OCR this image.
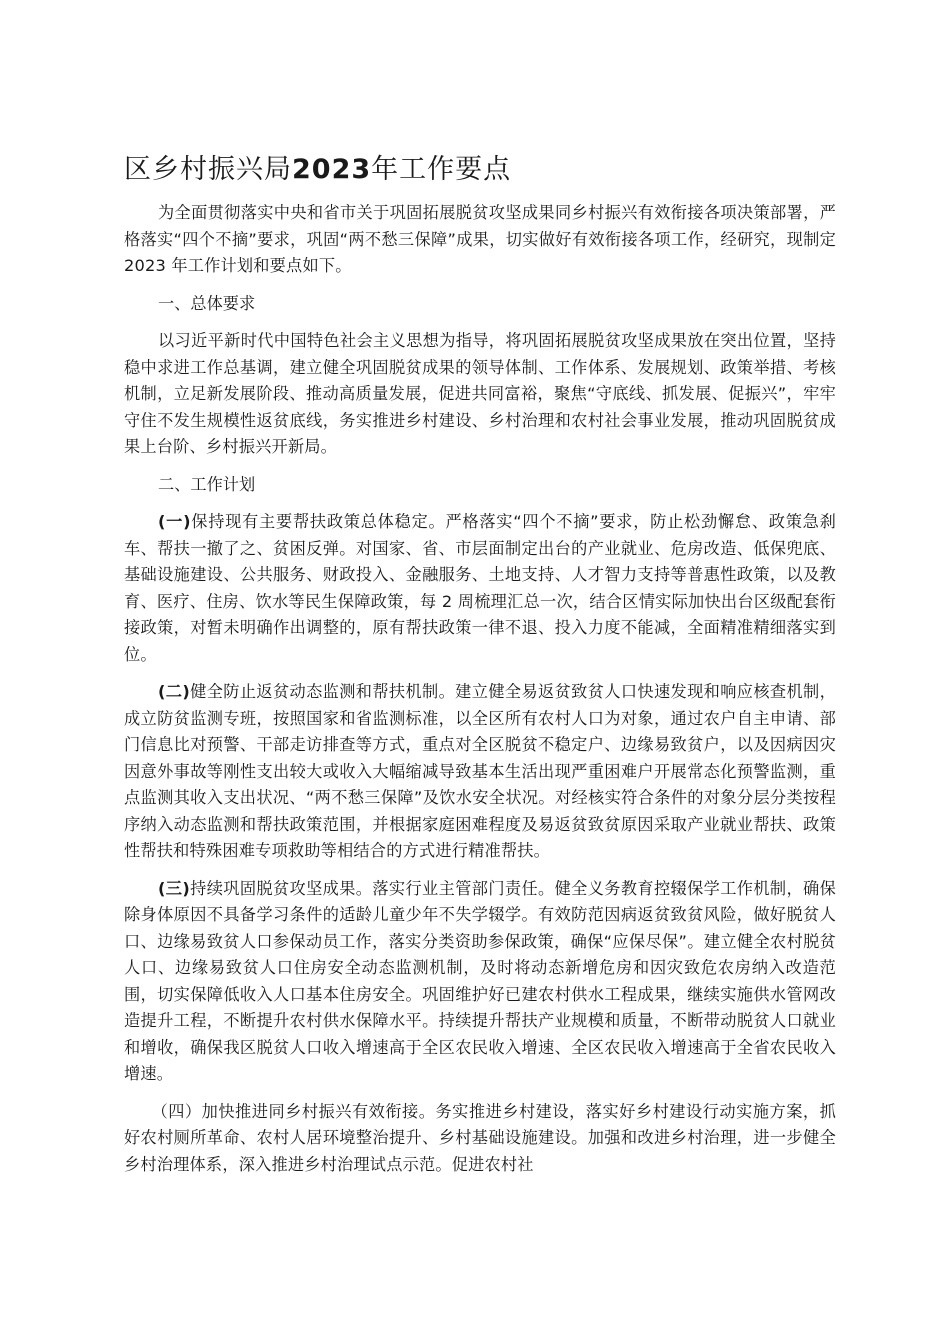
区乡村振兴局2023年工作要点

为全面贯彻落实中央和省市关于巩固拓展脱贫攻坚成果同乡村振兴有效衔接各项决策部署，严格落实“四个不摘”要求，巩固“两不愁三保障”成果，切实做好有效衔接各项工作，经研究，现制定 2023 年工作计划和要点如下。

一、总体要求

以习近平新时代中国特色社会主义思想为指导，将巩固拓展脱贫攻坚成果放在突出位置，坚持稳中求进工作总基调，建立健全巩固脱贫成果的领导体制、工作体系、发展规划、政策举措、考核机制，立足新发展阶段、推动高质量发展，促进共同富裕，聚焦“守底线、抓发展、促振兴”，牢牢守住不发生规模性返贫底线，务实推进乡村建设、乡村治理和农村社会事业发展，推动巩固脱贫成果上台阶、乡村振兴开新局。

二、工作计划

(一)保持现有主要帮扶政策总体稳定。严格落实“四个不摘”要求，防止松劲懈怠、政策急刹车、帮扶一撤了之、贫困反弹。对国家、省、市层面制定出台的产业就业、危房改造、低保兜底、基础设施建设、公共服务、财政投入、金融服务、土地支持、人才智力支持等普惠性政策，以及教育、医疗、住房、饮水等民生保障政策，每 2 周梳理汇总一次，结合区情实际加快出台区级配套衔接政策，对暂未明确作出调整的，原有帮扶政策一律不退、投入力度不能减，全面精准精细落实到位。

(二)健全防止返贫动态监测和帮扶机制。建立健全易返贫致贫人口快速发现和响应核查机制，成立防贫监测专班，按照国家和省监测标准，以全区所有农村人口为对象，通过农户自主申请、部门信息比对预警、干部走访排查等方式，重点对全区脱贫不稳定户、边缘易致贫户，以及因病因灾因意外事故等刚性支出较大或收入大幅缩减导致基本生活出现严重困难户开展常态化预警监测，重点监测其收入支出状况、“两不愁三保障”及饮水安全状况。对经核实符合条件的对象分层分类按程序纳入动态监测和帮扶政策范围，并根据家庭困难程度及易返贫致贫原因采取产业就业帮扶、政策性帮扶和特殊困难专项救助等相结合的方式进行精准帮扶。

(三)持续巩固脱贫攻坚成果。落实行业主管部门责任。健全义务教育控辍保学工作机制，确保除身体原因不具备学习条件的适龄儿童少年不失学辍学。有效防范因病返贫致贫风险，做好脱贫人口、边缘易致贫人口参保动员工作，落实分类资助参保政策，确保“应保尽保”。建立健全农村脱贫人口、边缘易致贫人口住房安全动态监测机制，及时将动态新增危房和因灾致危农房纳入改造范围，切实保障低收入人口基本住房安全。巩固维护好已建农村供水工程成果，继续实施供水管网改造提升工程，不断提升农村供水保障水平。持续提升帮扶产业规模和质量，不断带动脱贫人口就业和增收，确保我区脱贫人口收入增速高于全区农民收入增速、全区农民收入增速高于全省农民收入增速。

（四）加快推进同乡村振兴有效衔接。务实推进乡村建设，落实好乡村建设行动实施方案，抓好农村厕所革命、农村人居环境整治提升、乡村基础设施建设。加强和改进乡村治理，进一步健全乡村治理体系，深入推进乡村治理试点示范。促进农村社
